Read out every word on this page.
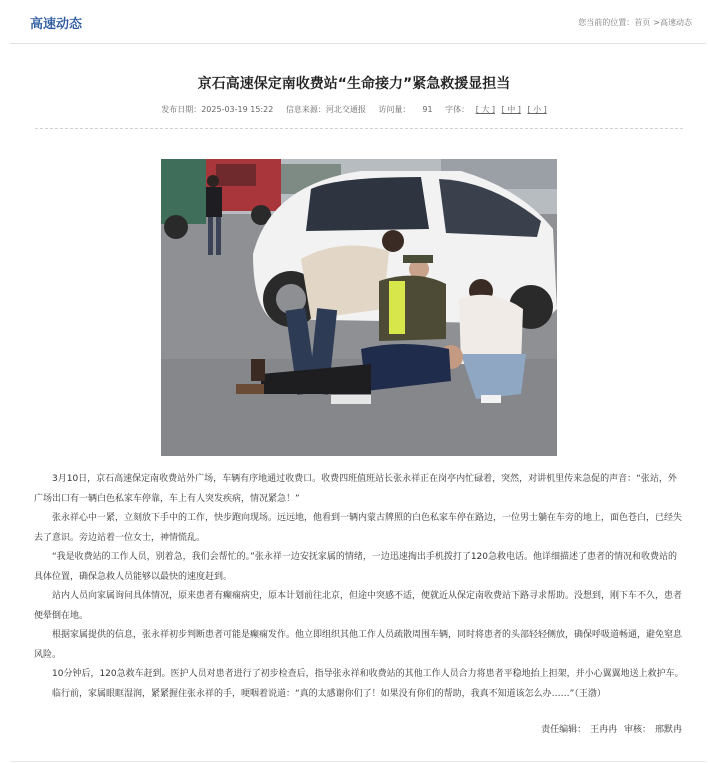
高速动态	您当前的位置：首页 >高速动态
京石高速保定南收费站“生命接力”紧急救援显担当
发布日期：2025-03-19 15:22 信息来源：河北交通报 访问量： 91 字体： [ 大 ] [ 中 ] [ 小 ]

3月10日，京石高速保定南收费站外广场，车辆有序地通过收费口。收费四班值班站长张永祥正在岗亭内忙碌着，突然，对讲机里传来急促的声音：“张站，外广场出口有一辆白色私家车停靠，车上有人突发疾病，情况紧急！”

张永祥心中一紧，立刻放下手中的工作，快步跑向现场。远远地，他看到一辆内蒙古牌照的白色私家车停在路边，一位男士躺在车旁的地上，面色苍白，已经失去了意识。旁边站着一位女士，神情慌乱。

“我是收费站的工作人员，别着急，我们会帮忙的。”张永祥一边安抚家属的情绪，一边迅速掏出手机拨打了120急救电话。他详细描述了患者的情况和收费站的具体位置，确保急救人员能够以最快的速度赶到。

站内人员向家属询问具体情况，原来患者有癫痫病史，原本计划前往北京，但途中突感不适，便就近从保定南收费站下路寻求帮助。没想到，刚下车不久，患者便晕倒在地。

根据家属提供的信息，张永祥初步判断患者可能是癫痫发作。他立即组织其他工作人员疏散周围车辆，同时将患者的头部轻轻侧放，确保呼吸道畅通，避免窒息风险。

10分钟后，120急救车赶到。医护人员对患者进行了初步检查后，指导张永祥和收费站的其他工作人员合力将患者平稳地抬上担架，并小心翼翼地送上救护车。

临行前，家属眼眶湿润，紧紧握住张永祥的手，哽咽着说道：“真的太感谢你们了！如果没有你们的帮助，我真不知道该怎么办……”（王渤）

责任编辑： 王冉冉 审核： 邢默冉
